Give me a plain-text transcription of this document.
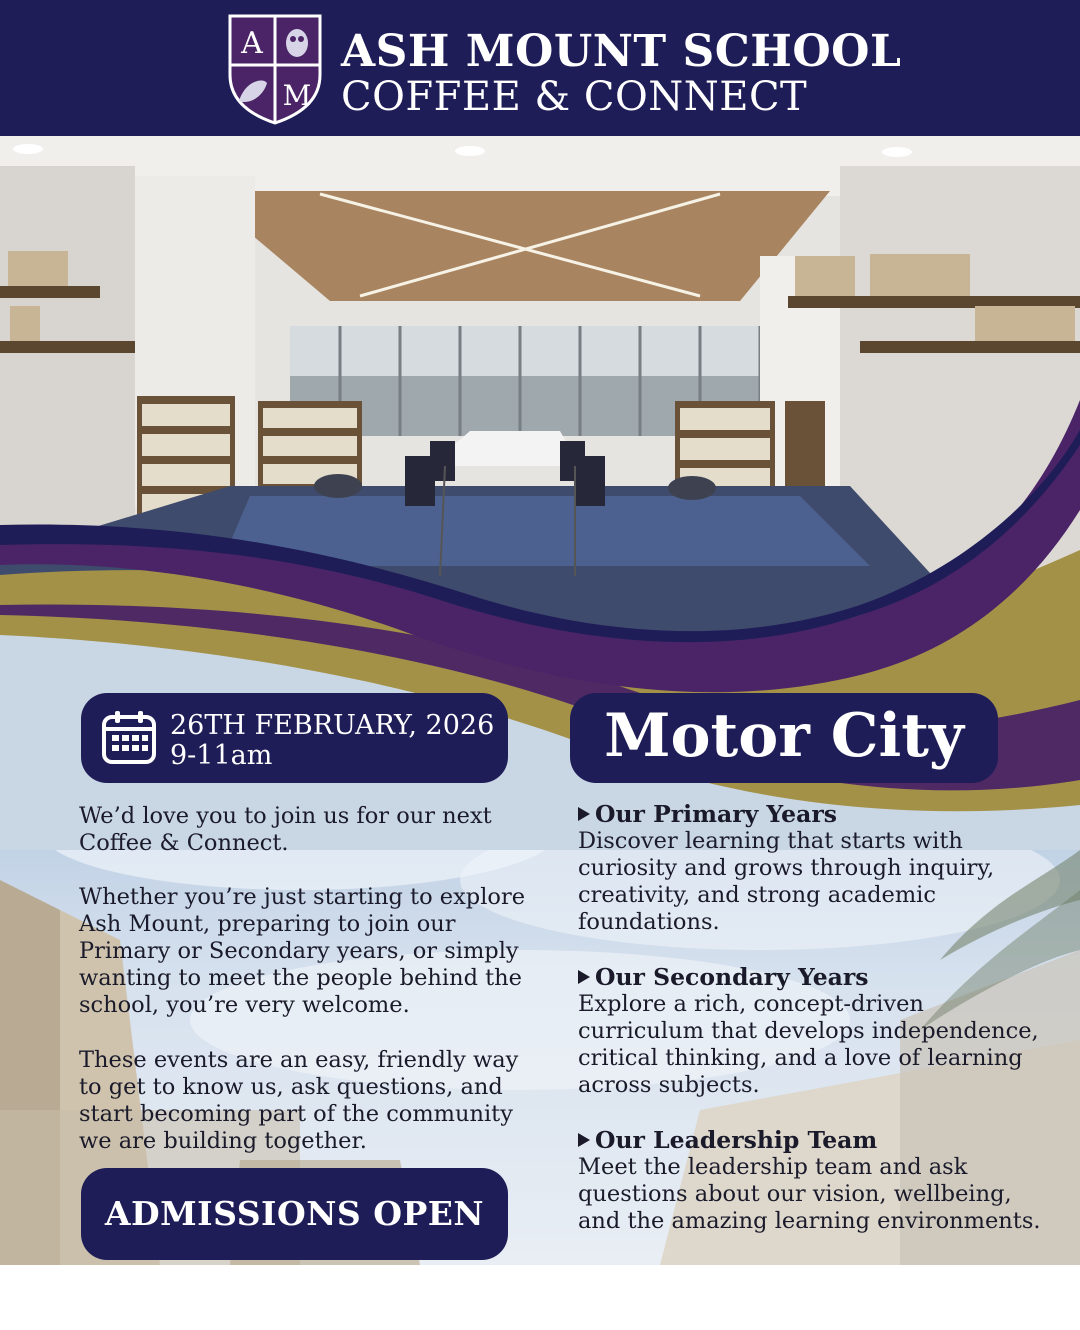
A
M
ASH MOUNT SCHOOL
COFFEE & CONNECT
26TH FEBRUARY, 2026
9-11am	Motor City
We’d love you to join us for our next Coffee & Connect.
Whether you’re just starting to explore Ash Mount, preparing to join our Primary or Secondary years, or simply wanting to meet the people behind the school, you’re very welcome.
These events are an easy, friendly way to get to know us, ask questions, and start becoming part of the community we are building together.
Our Primary Years

Discover learning that starts with curiosity and grows through inquiry, creativity, and strong academic foundations.

Our Secondary Years

Explore a rich, concept-driven curriculum that develops independence, critical thinking, and a love of learning across subjects.

Our Leadership Team

Meet the leadership team and ask questions about our vision, wellbeing, and the amazing learning environments.

ADMISSIONS OPEN
